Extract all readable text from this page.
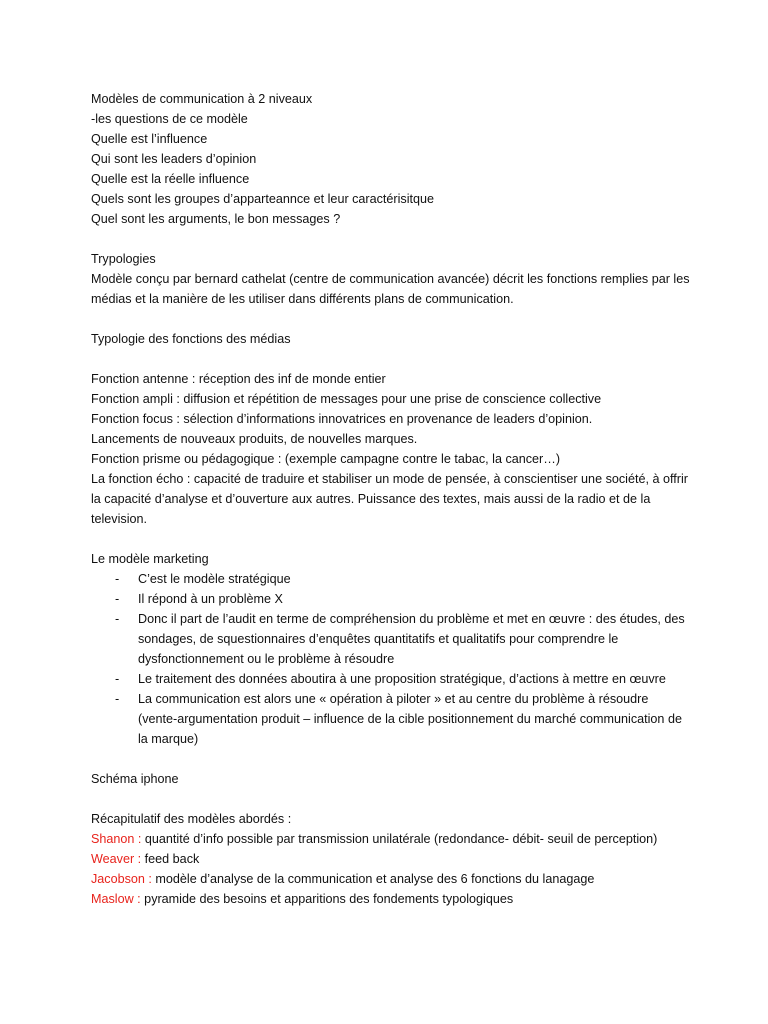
Modèles de communication à 2 niveaux
-les questions de ce modèle
Quelle est l’influence
Qui sont les leaders d’opinion
Quelle est la réelle influence
Quels sont les groupes d’apparteannce et leur caractérisitque
Quel sont les arguments, le bon messages ?
Trypologies
Modèle conçu par bernard cathelat (centre de communication avancée) décrit les fonctions remplies par les médias et la manière de les utiliser dans différents plans de communication.
Typologie des fonctions des médias
Fonction antenne : réception des inf de monde entier
Fonction ampli : diffusion et répétition de messages pour une prise de conscience collective
Fonction focus : sélection d’informations innovatrices en provenance de leaders d’opinion.
Lancements de nouveaux produits, de nouvelles marques.
Fonction prisme ou pédagogique : (exemple campagne contre le tabac, la cancer…)
La fonction écho : capacité de traduire et stabiliser un mode de pensée, à conscientiser une société, à offrir la capacité d’analyse et d’ouverture aux autres. Puissance des textes, mais aussi de la radio et de la television.
Le modèle marketing
- C’est le modèle stratégique
- Il répond à un problème X
- Donc il part de l’audit en terme de compréhension du problème et met en œuvre : des études, des sondages, de squestionnaires d’enquêtes quantitatifs et qualitatifs pour comprendre le dysfonctionnement ou le problème à résoudre
- Le traitement des données aboutira à une proposition stratégique, d’actions à mettre en œuvre
- La communication est alors une « opération à piloter » et au centre du problème à résoudre (vente-argumentation produit – influence de la cible positionnement du marché communication de la marque)
Schéma iphone
Récapitulatif des modèles abordés :
Shanon : quantité d’info possible par transmission unilatérale (redondance- débit- seuil de perception)
Weaver : feed back
Jacobson : modèle d’analyse de la communication et analyse des 6 fonctions du lanagage
Maslow : pyramide des besoins et apparitions des fondements typologiques
